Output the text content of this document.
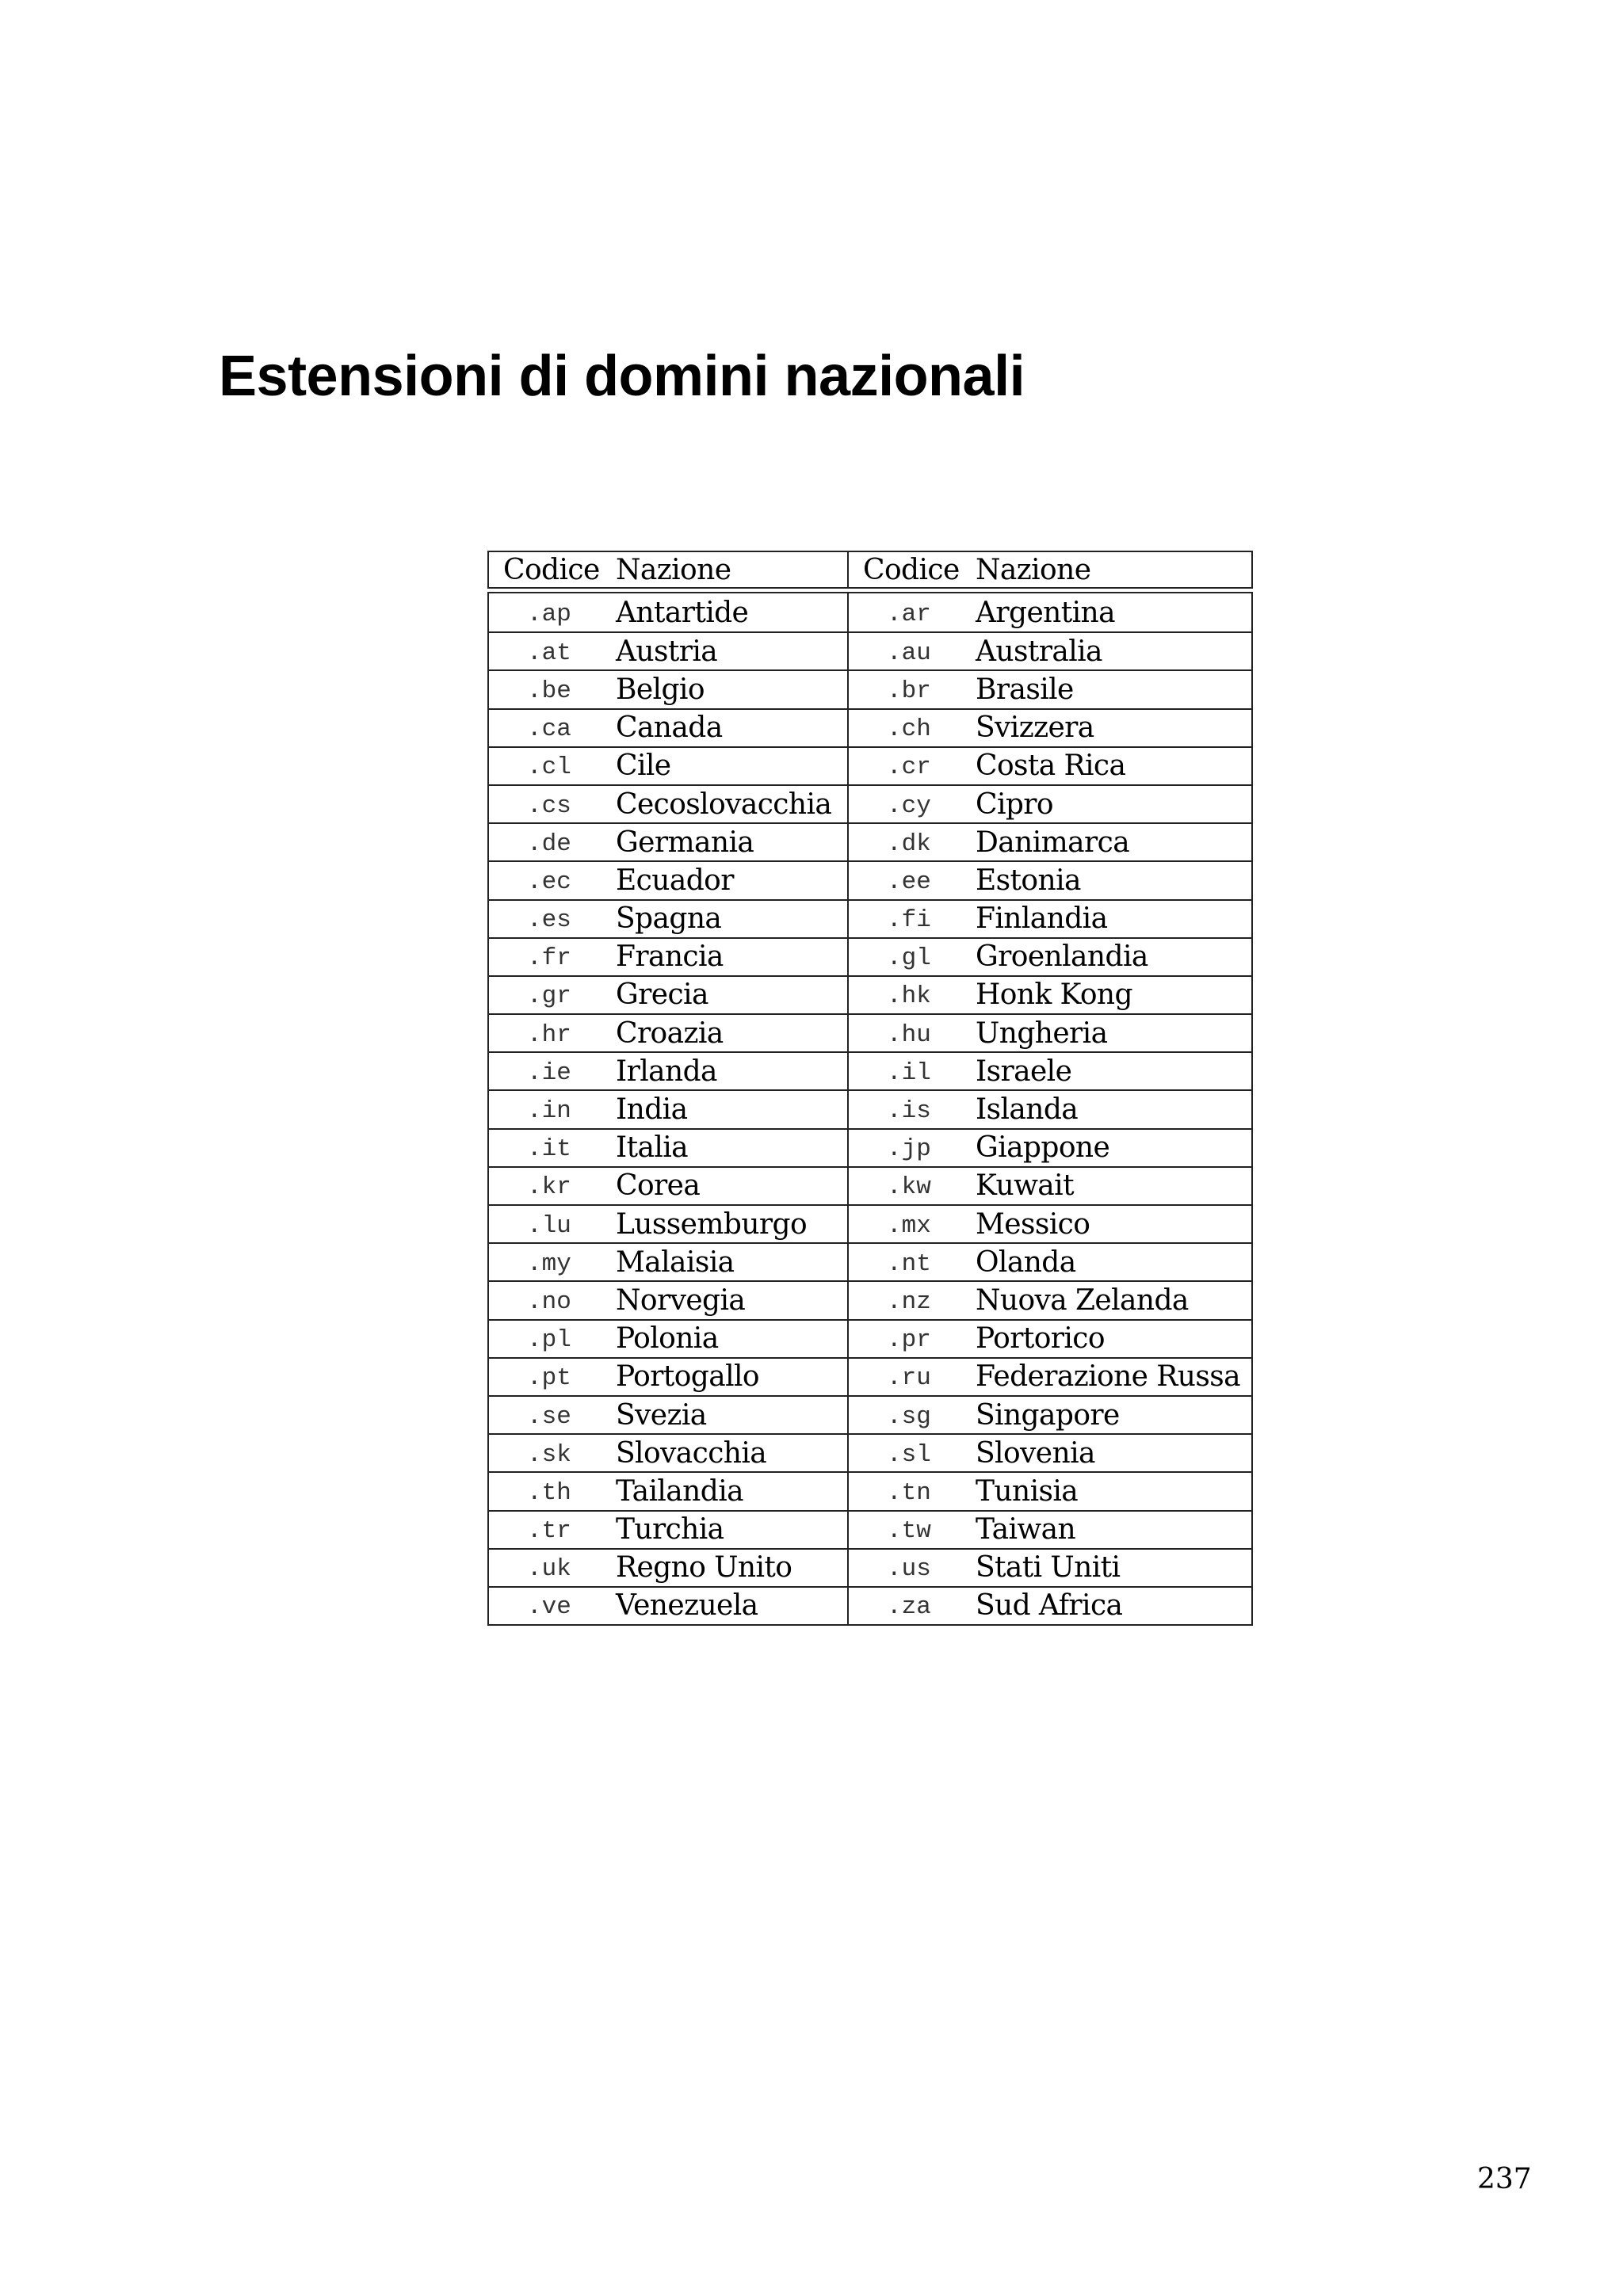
Estensioni di domini nazionali
Codice Nazione	Codice Nazione
.ap	Antartide	.ar	Argentina
.at	Austria	.au	Australia
.be	Belgio	.br	Brasile
.ca	Canada	.ch	Svizzera
.cl	Cile	.cr	Costa Rica
.cs	Cecoslovacchia	.cy	Cipro
.de	Germania	.dk	Danimarca
.ec	Ecuador	.ee	Estonia
.es	Spagna	.fi	Finlandia
.fr	Francia	.gl	Groenlandia
.gr	Grecia	.hk	Honk Kong
.hr	Croazia	.hu	Ungheria
.ie	Irlanda	.il	Israele
.in	India	.is	Islanda
.it	Italia	.jp	Giappone
.kr	Corea	.kw	Kuwait
.lu	Lussemburgo	.mx	Messico
.my	Malaisia	.nt	Olanda
.no	Norvegia	.nz	Nuova Zelanda
.pl	Polonia	.pr	Portorico
.pt	Portogallo	.ru	Federazione Russa
.se	Svezia	.sg	Singapore
.sk	Slovacchia	.sl	Slovenia
.th	Tailandia	.tn	Tunisia
.tr	Turchia	.tw	Taiwan
.uk	Regno Unito	.us	Stati Uniti
.ve	Venezuela	.za	Sud Africa
237
